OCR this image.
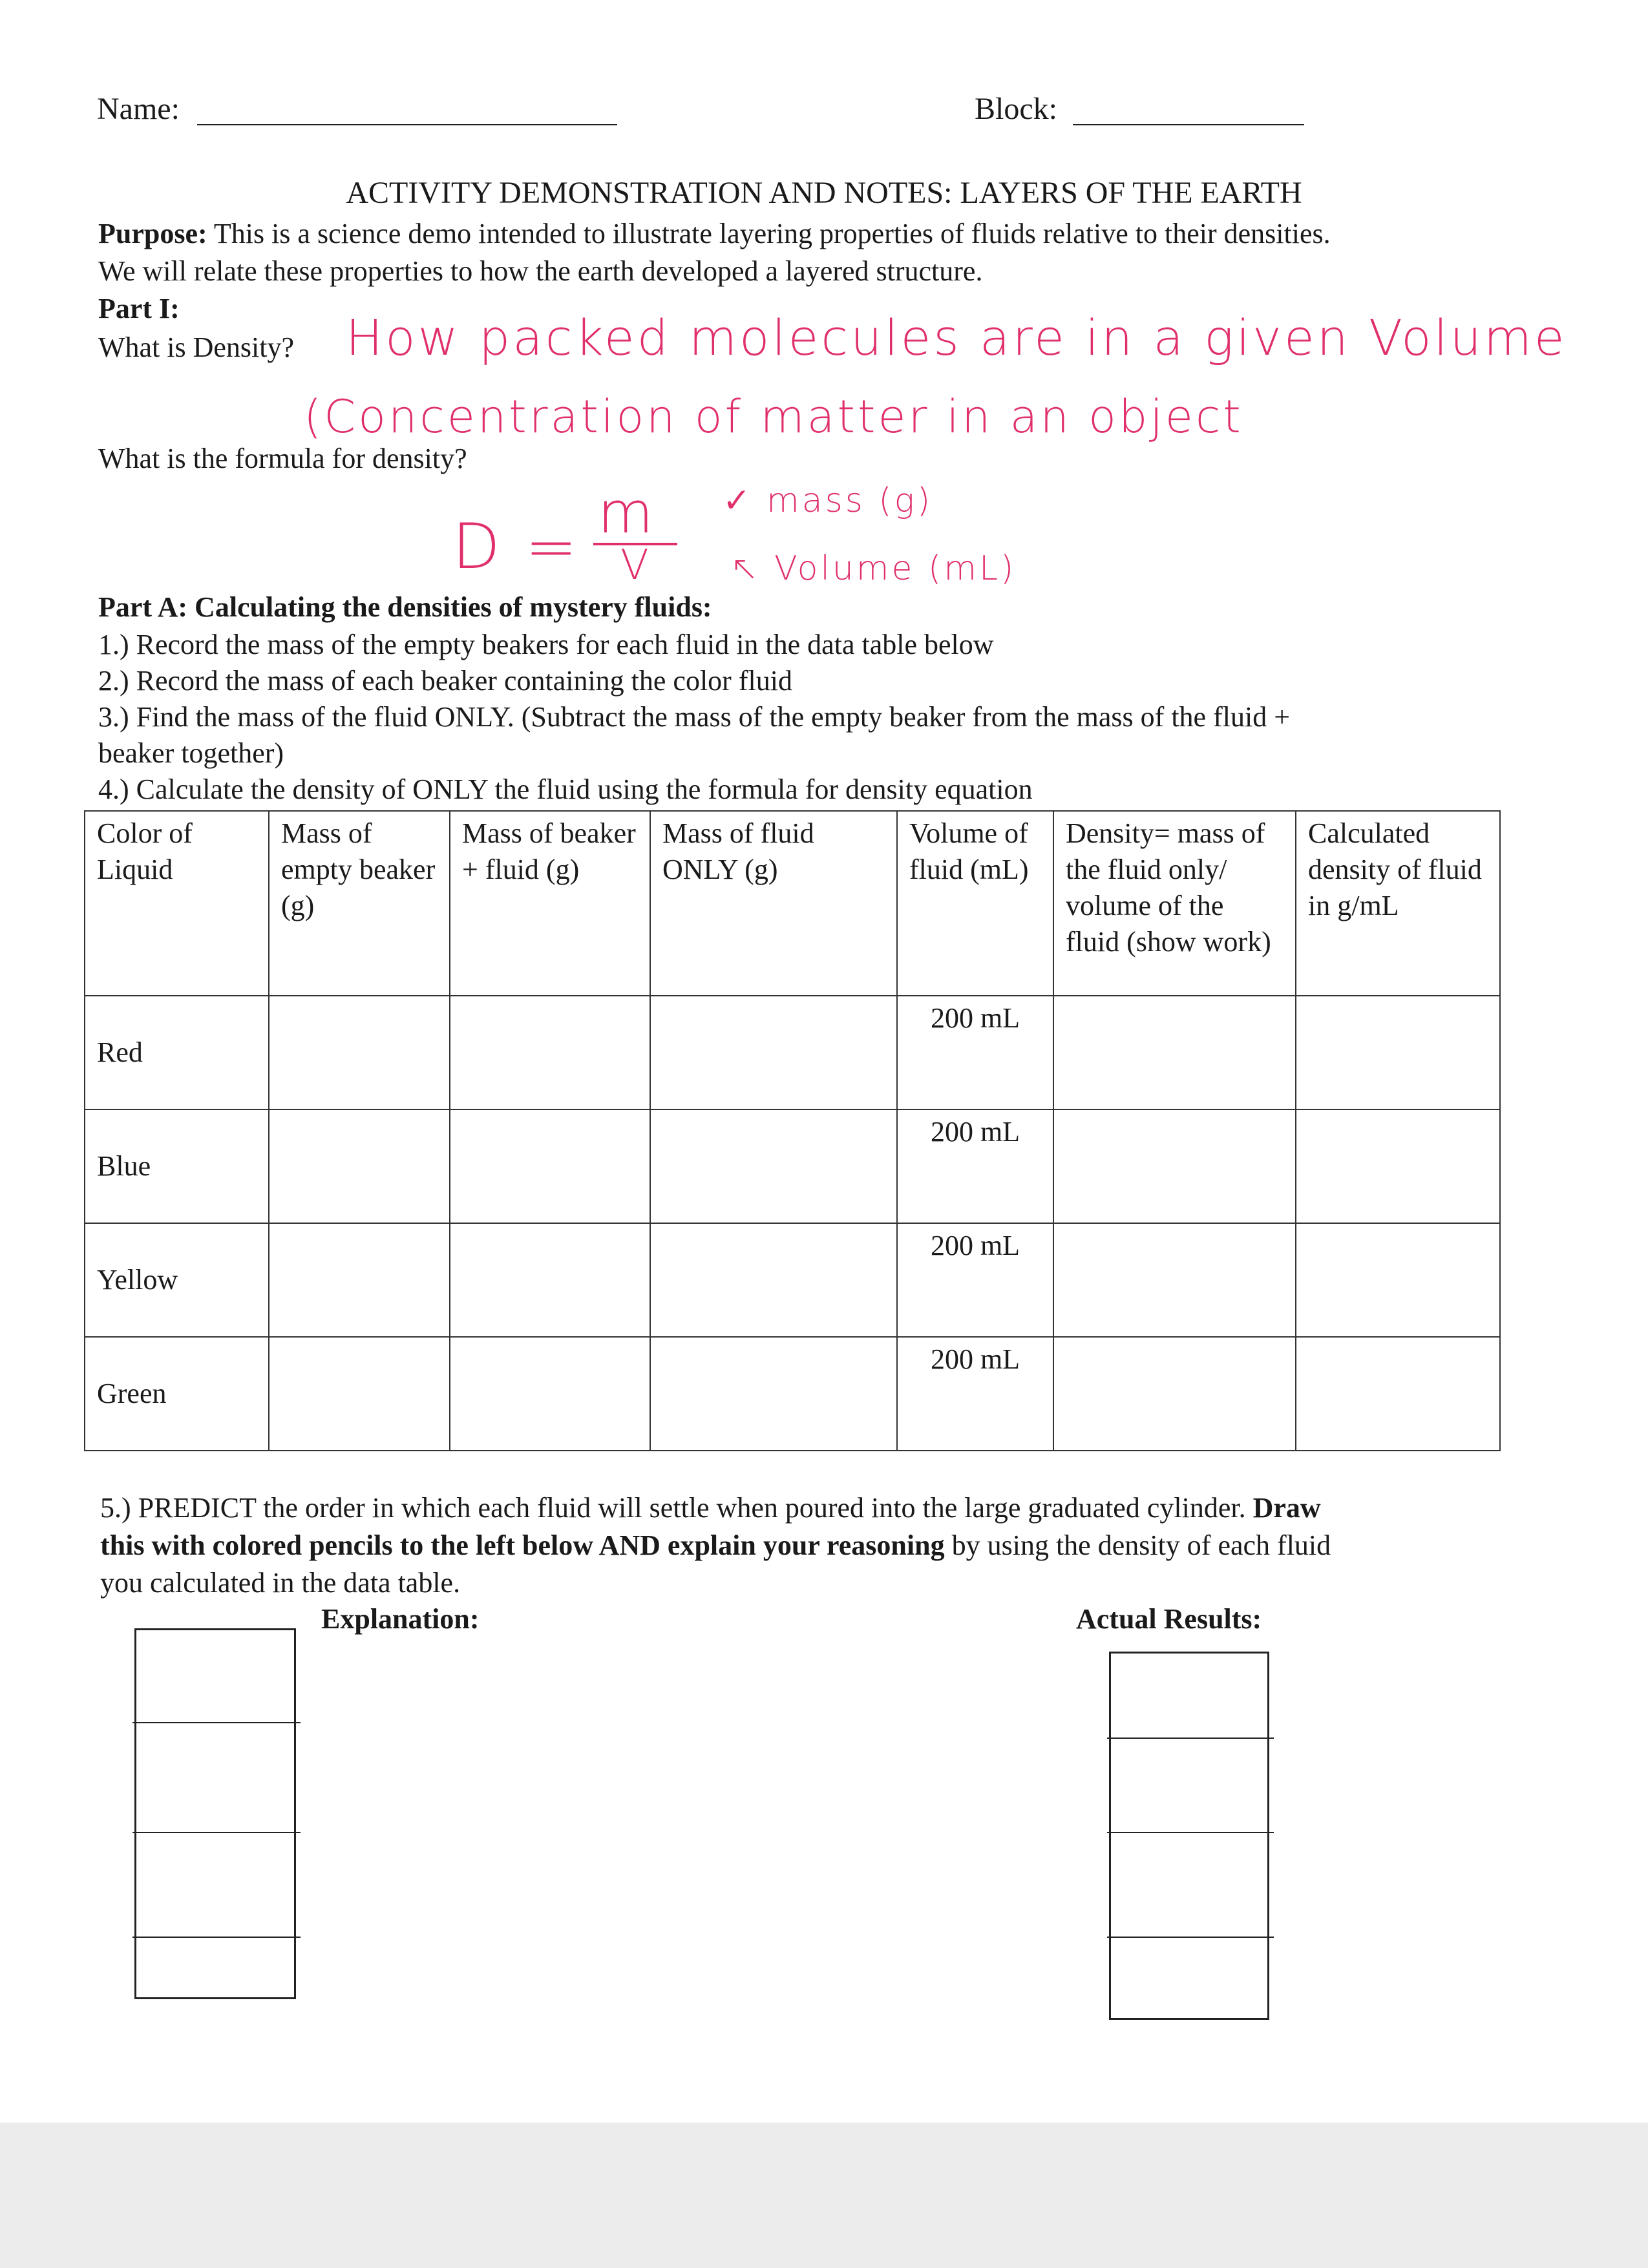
Name:	Block:
ACTIVITY DEMONSTRATION AND NOTES: LAYERS OF THE EARTH
Purpose: This is a science demo intended to illustrate layering properties of fluids relative to their densities.
We will relate these properties to how the earth developed a layered structure.
Part I:
What is Density? How packed molecules are in a given Volume
(Concentration of matter in an object
What is the formula for density?
D = m
V
✓ mass (g)
↖ Volume (mL)
Part A: Calculating the densities of mystery fluids:
1.) Record the mass of the empty beakers for each fluid in the data table below
2.) Record the mass of each beaker containing the color fluid
3.) Find the mass of the fluid ONLY. (Subtract the mass of the empty beaker from the mass of the fluid +
beaker together)
4.) Calculate the density of ONLY the fluid using the formula for density equation
Color of Liquid	Mass of empty beaker (g)	Mass of beaker + fluid (g)	Mass of fluid ONLY (g)	Volume of fluid (mL)	Density= mass of the fluid only/ volume of the fluid (show work)	Calculated density of fluid in g/mL
Red				200 mL		

Blue				200 mL		

Yellow				200 mL		

Green				200 mL		

5.) PREDICT the order in which each fluid will settle when poured into the large graduated cylinder. Draw
this with colored pencils to the left below AND explain your reasoning by using the density of each fluid
you calculated in the data table.
Explanation:	Actual Results:
